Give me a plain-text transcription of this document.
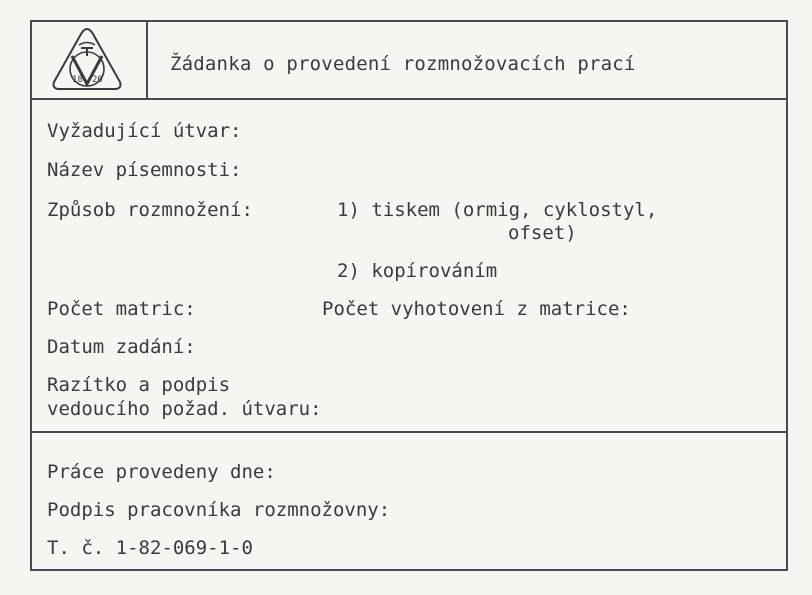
18 20
Žádanka o provedení rozmnožovacích prací
Vyžadující útvar:
Název písemnosti:
Způsob rozmnožení:	1) tiskem (ormig, cyklostyl,
ofset)
2) kopírováním
Počet matric:	Počet vyhotovení z matrice:
Datum zadání:
Razítko a podpis
vedoucího požad. útvaru:
Práce provedeny dne:
Podpis pracovníka rozmnožovny:
T. č. 1-82-069-1-0
